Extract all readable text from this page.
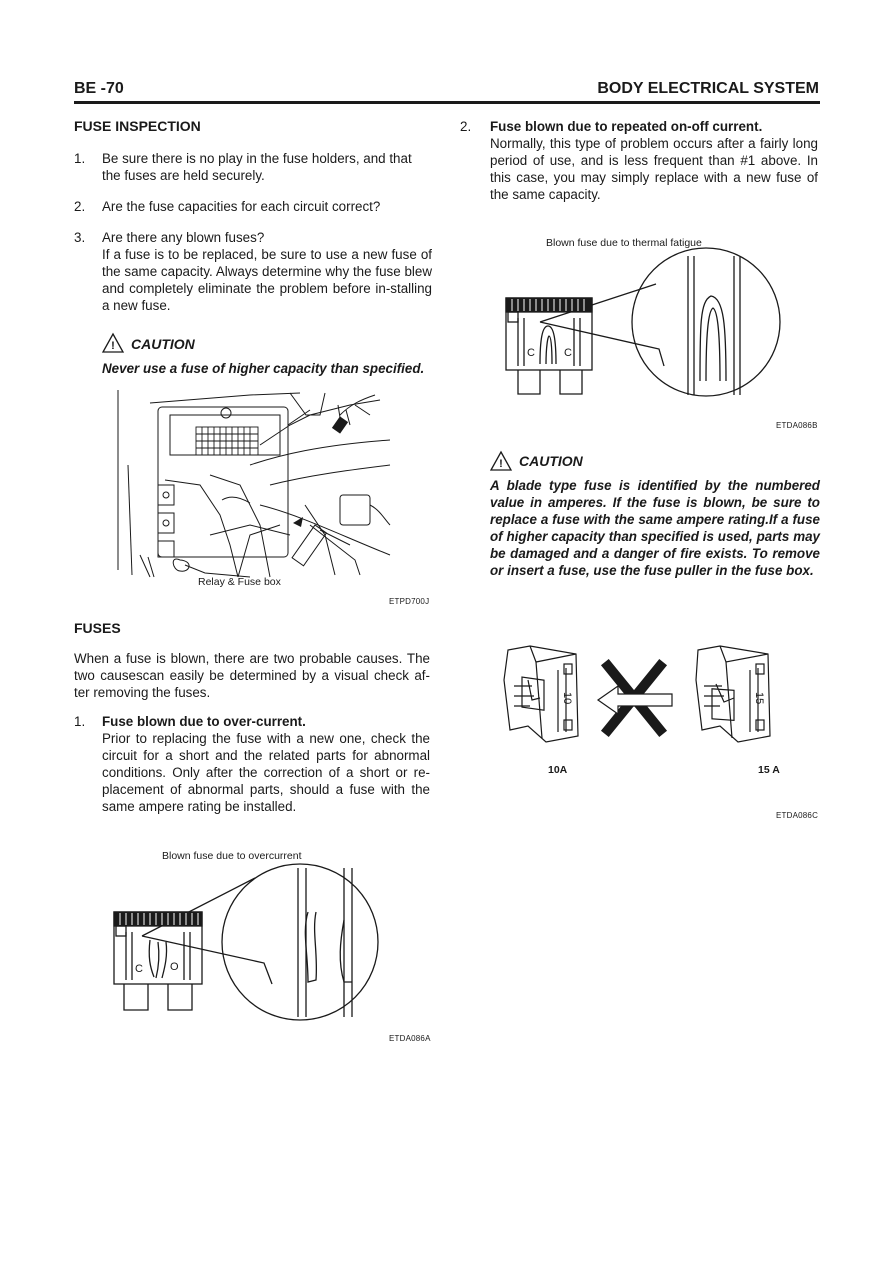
BE -70	BODY ELECTRICAL SYSTEM
FUSE INSPECTION
1. Be sure there is no play in the fuse holders, and that the fuses are held securely.
2. Are the fuse capacities for each circuit correct?
3. Are there any blown fuses?
If a fuse is to be replaced, be sure to use a new fuse of the same capacity. Always determine why the fuse blew and completely eliminate the problem before in-stalling a new fuse.
! CAUTION
Never use a fuse of higher capacity than specified.
Relay & Fuse box
ETPD700J
FUSES
When a fuse is blown, there are two probable causes. The two causescan easily be determined by a visual check af-ter removing the fuses.
1. Fuse blown due to over-current.
Prior to replacing the fuse with a new one, check the circuit for a short and the related parts for abnormal conditions. Only after the correction of a short or re-placement of abnormal parts, should a fuse with the same ampere rating be installed.
Blown fuse due to overcurrent
C O
ETDA086A
2. Fuse blown due to repeated on-off current.
Normally, this type of problem occurs after a fairly long period of use, and is less frequent than #1 above. In this case, you may simply replace with a new fuse of the same capacity.
Blown fuse due to thermal fatigue
C	C
ETDA086B
! CAUTION
A blade type fuse is identified by the numbered value in amperes. If the fuse is blown, be sure to replace a fuse with the same ampere rating.If a fuse of higher capacity than specified is used, parts may be damaged and a danger of fire exists. To remove or insert a fuse, use the fuse puller in the fuse box.
10	15
10A	15 A
ETDA086C
